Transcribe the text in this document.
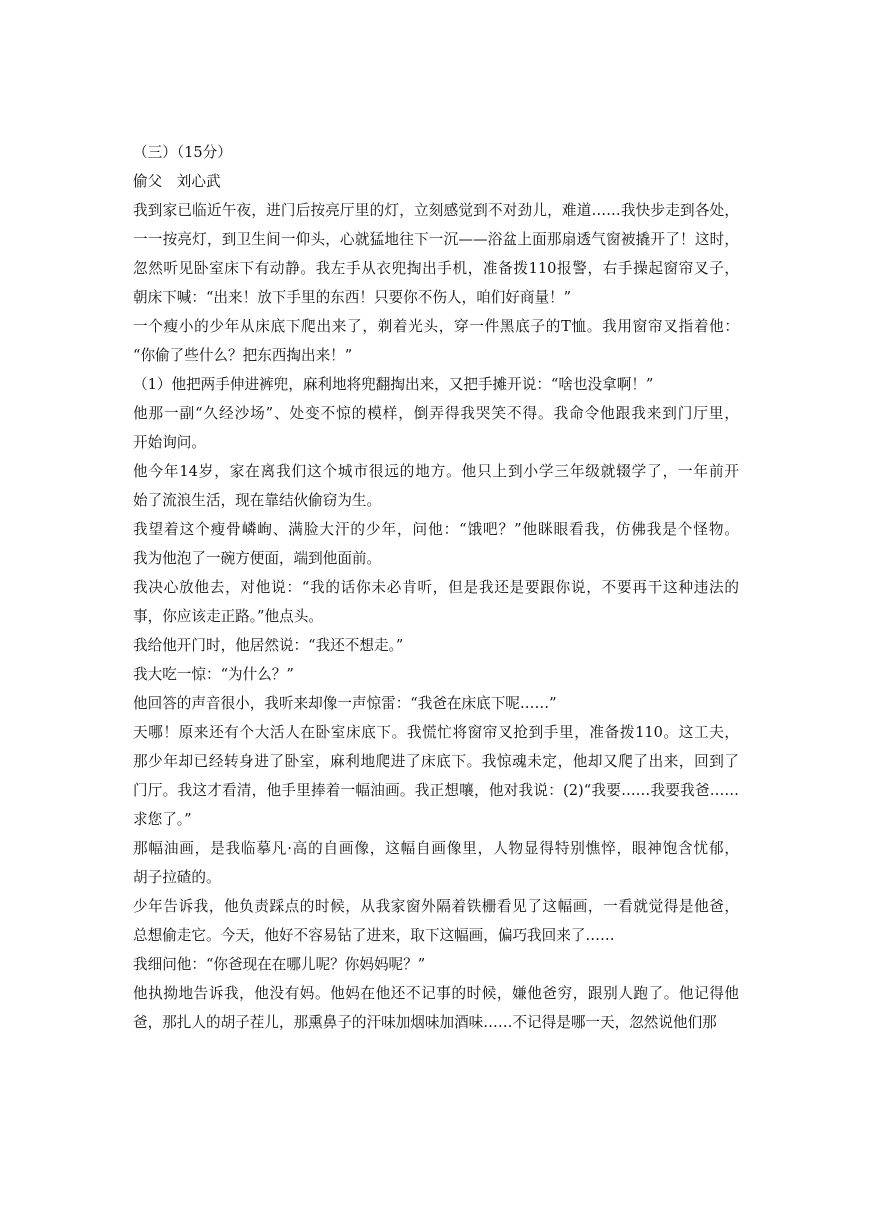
（三）（15分）
偷父　刘心武
我到家已临近午夜，进门后按亮厅里的灯，立刻感觉到不对劲儿，难道……我快步走到各处，
一一按亮灯，到卫生间一仰头，心就猛地往下一沉——浴盆上面那扇透气窗被撬开了！这时，
忽然听见卧室床下有动静。我左手从衣兜掏出手机，准备拨110报警，右手操起窗帘叉子，
朝床下喊：“出来！放下手里的东西！只要你不伤人，咱们好商量！”
一个瘦小的少年从床底下爬出来了，剃着光头，穿一件黑底子的T恤。我用窗帘叉指着他：
“你偷了些什么？把东西掏出来！”
（1）他把两手伸进裤兜，麻利地将兜翻掏出来，又把手摊开说：“啥也没拿啊！”
他那一副“久经沙场”、处变不惊的模样，倒弄得我哭笑不得。我命令他跟我来到门厅里，
开始询问。
他今年14岁，家在离我们这个城市很远的地方。他只上到小学三年级就辍学了，一年前开
始了流浪生活，现在靠结伙偷窃为生。
我望着这个瘦骨嶙峋、满脸大汗的少年，问他：“饿吧？”他眯眼看我，仿佛我是个怪物。
我为他泡了一碗方便面，端到他面前。
我决心放他去，对他说：“我的话你未必肯听，但是我还是要跟你说，不要再干这种违法的
事，你应该走正路。”他点头。
我给他开门时，他居然说：“我还不想走。”
我大吃一惊：“为什么？”
他回答的声音很小，我听来却像一声惊雷：“我爸在床底下呢……”
天哪！原来还有个大活人在卧室床底下。我慌忙将窗帘叉抢到手里，准备拨110。这工夫，
那少年却已经转身进了卧室，麻利地爬进了床底下。我惊魂未定，他却又爬了出来，回到了
门厅。我这才看清，他手里捧着一幅油画。我正想嚷，他对我说：(2)“我要……我要我爸……
求您了。”
那幅油画，是我临摹凡·高的自画像，这幅自画像里，人物显得特别憔悴，眼神饱含忧郁，
胡子拉碴的。
少年告诉我，他负责踩点的时候，从我家窗外隔着铁栅看见了这幅画，一看就觉得是他爸，
总想偷走它。今天，他好不容易钻了进来，取下这幅画，偏巧我回来了……
我细问他：“你爸现在在哪儿呢？你妈妈呢？”
他执拗地告诉我，他没有妈。他妈在他还不记事的时候，嫌他爸穷，跟别人跑了。他记得他
爸，那扎人的胡子茬儿，那熏鼻子的汗味加烟味加酒味……不记得是哪一天，忽然说他们那
